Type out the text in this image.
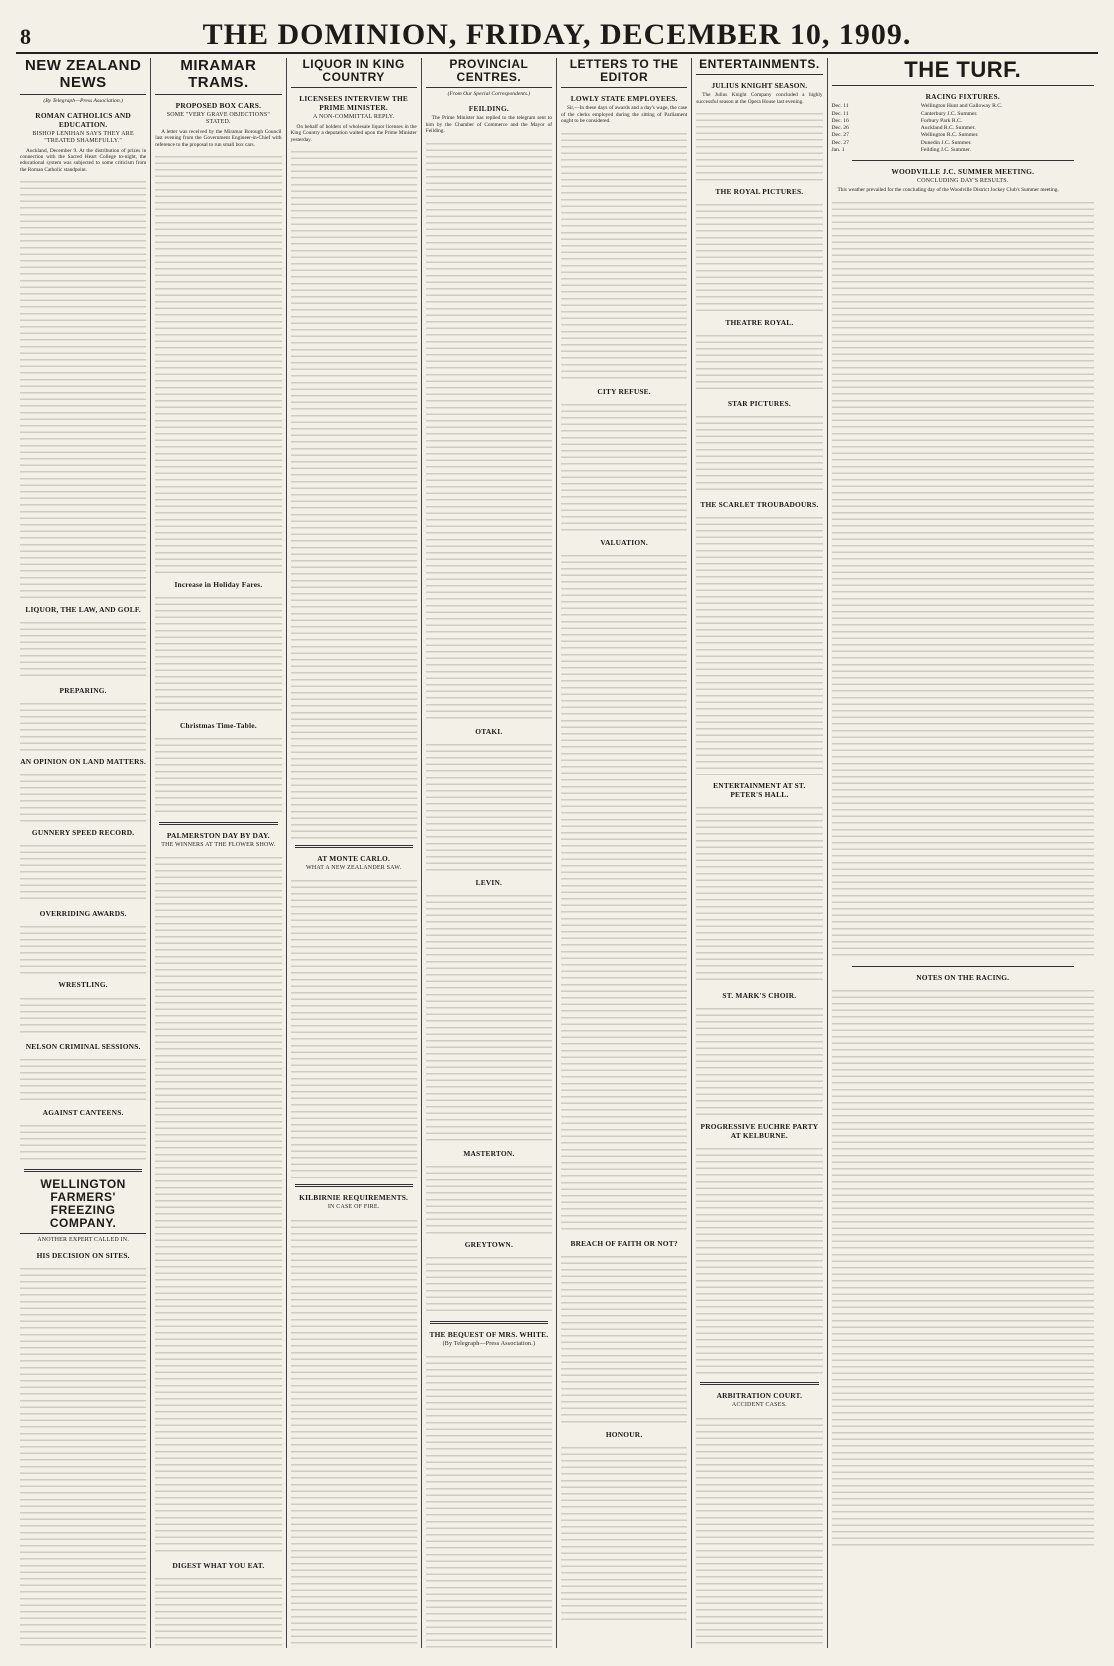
8	THE DOMINION, FRIDAY, DECEMBER 10, 1909.
NEW ZEALAND NEWS
(By Telegraph—Press Association.)
ROMAN CATHOLICS AND EDUCATION.
BISHOP LENIHAN SAYS THEY ARE "TREATED SHAMEFULLY."

Auckland, December 9. At the distribution of prizes in connection with the Sacred Heart College to-night, the educational system was subjected to some criticism from the Roman Catholic standpoint.

LIQUOR, THE LAW, AND GOLF.
PREPARING.
AN OPINION ON LAND MATTERS.
GUNNERY SPEED RECORD.
OVERRIDING AWARDS.
WRESTLING.
NELSON CRIMINAL SESSIONS.
AGAINST CANTEENS.
WELLINGTON FARMERS' FREEZING COMPANY.
ANOTHER EXPERT CALLED IN.
HIS DECISION ON SITES.
MIRAMAR TRAMS.
PROPOSED BOX CARS.
SOME "VERY GRAVE OBJECTIONS" STATED.

A letter was received by the Miramar Borough Council last evening from the Government Engineer-in-Chief with reference to the proposal to run small box cars.

Increase in Holiday Fares.
Christmas Time-Table.
PALMERSTON DAY BY DAY.
THE WINNERS AT THE FLOWER SHOW.
DIGEST WHAT YOU EAT.
LIQUOR IN KING COUNTRY
LICENSEES INTERVIEW THE PRIME MINISTER.
A NON-COMMITTAL REPLY.

On behalf of holders of wholesale liquor licenses in the King Country a deputation waited upon the Prime Minister yesterday.

AT MONTE CARLO.
WHAT A NEW ZEALANDER SAW.
KILBIRNIE REQUIREMENTS.
IN CASE OF FIRE.
PROVINCIAL CENTRES.
(From Our Special Correspondents.)
FEILDING.

The Prime Minister has replied to the telegram sent to him by the Chamber of Commerce and the Mayor of Feilding.

OTAKI.
LEVIN.
MASTERTON.
GREYTOWN.
THE BEQUEST OF MRS. WHITE.
(By Telegraph—Press Association.)
LETTERS TO THE EDITOR
LOWLY STATE EMPLOYEES.

Sir,—In these days of awards and a day's wage, the case of the clerks employed during the sitting of Parliament ought to be considered.

CITY REFUSE.
VALUATION.
BREACH OF FAITH OR NOT?
HONOUR.
ENTERTAINMENTS.
JULIUS KNIGHT SEASON.

The Julius Knight Company concluded a highly successful season at the Opera House last evening.

THE ROYAL PICTURES.
THEATRE ROYAL.
STAR PICTURES.
THE SCARLET TROUBADOURS.
ENTERTAINMENT AT ST. PETER'S HALL.
ST. MARK'S CHOIR.
PROGRESSIVE EUCHRE PARTY AT KELBURNE.
ARBITRATION COURT.
ACCIDENT CASES.
THE TURF.
RACING FIXTURES.
Dec. 11	Wellington Hunt and Galloway R.C.
Dec. 11	Canterbury J.C. Summer.
Dec. 16	Forbury Park R.C.
Dec. 26	Auckland R.C. Summer.
Dec. 27	Wellington R.C. Summer.
Dec. 27	Dunedin J.C. Summer.
Jan. 1	Feilding J.C. Summer.
WOODVILLE J.C. SUMMER MEETING.
CONCLUDING DAY'S RESULTS.

This weather prevailed for the concluding day of the Woodville District Jockey Club's Summer meeting.

NOTES ON THE RACING.
